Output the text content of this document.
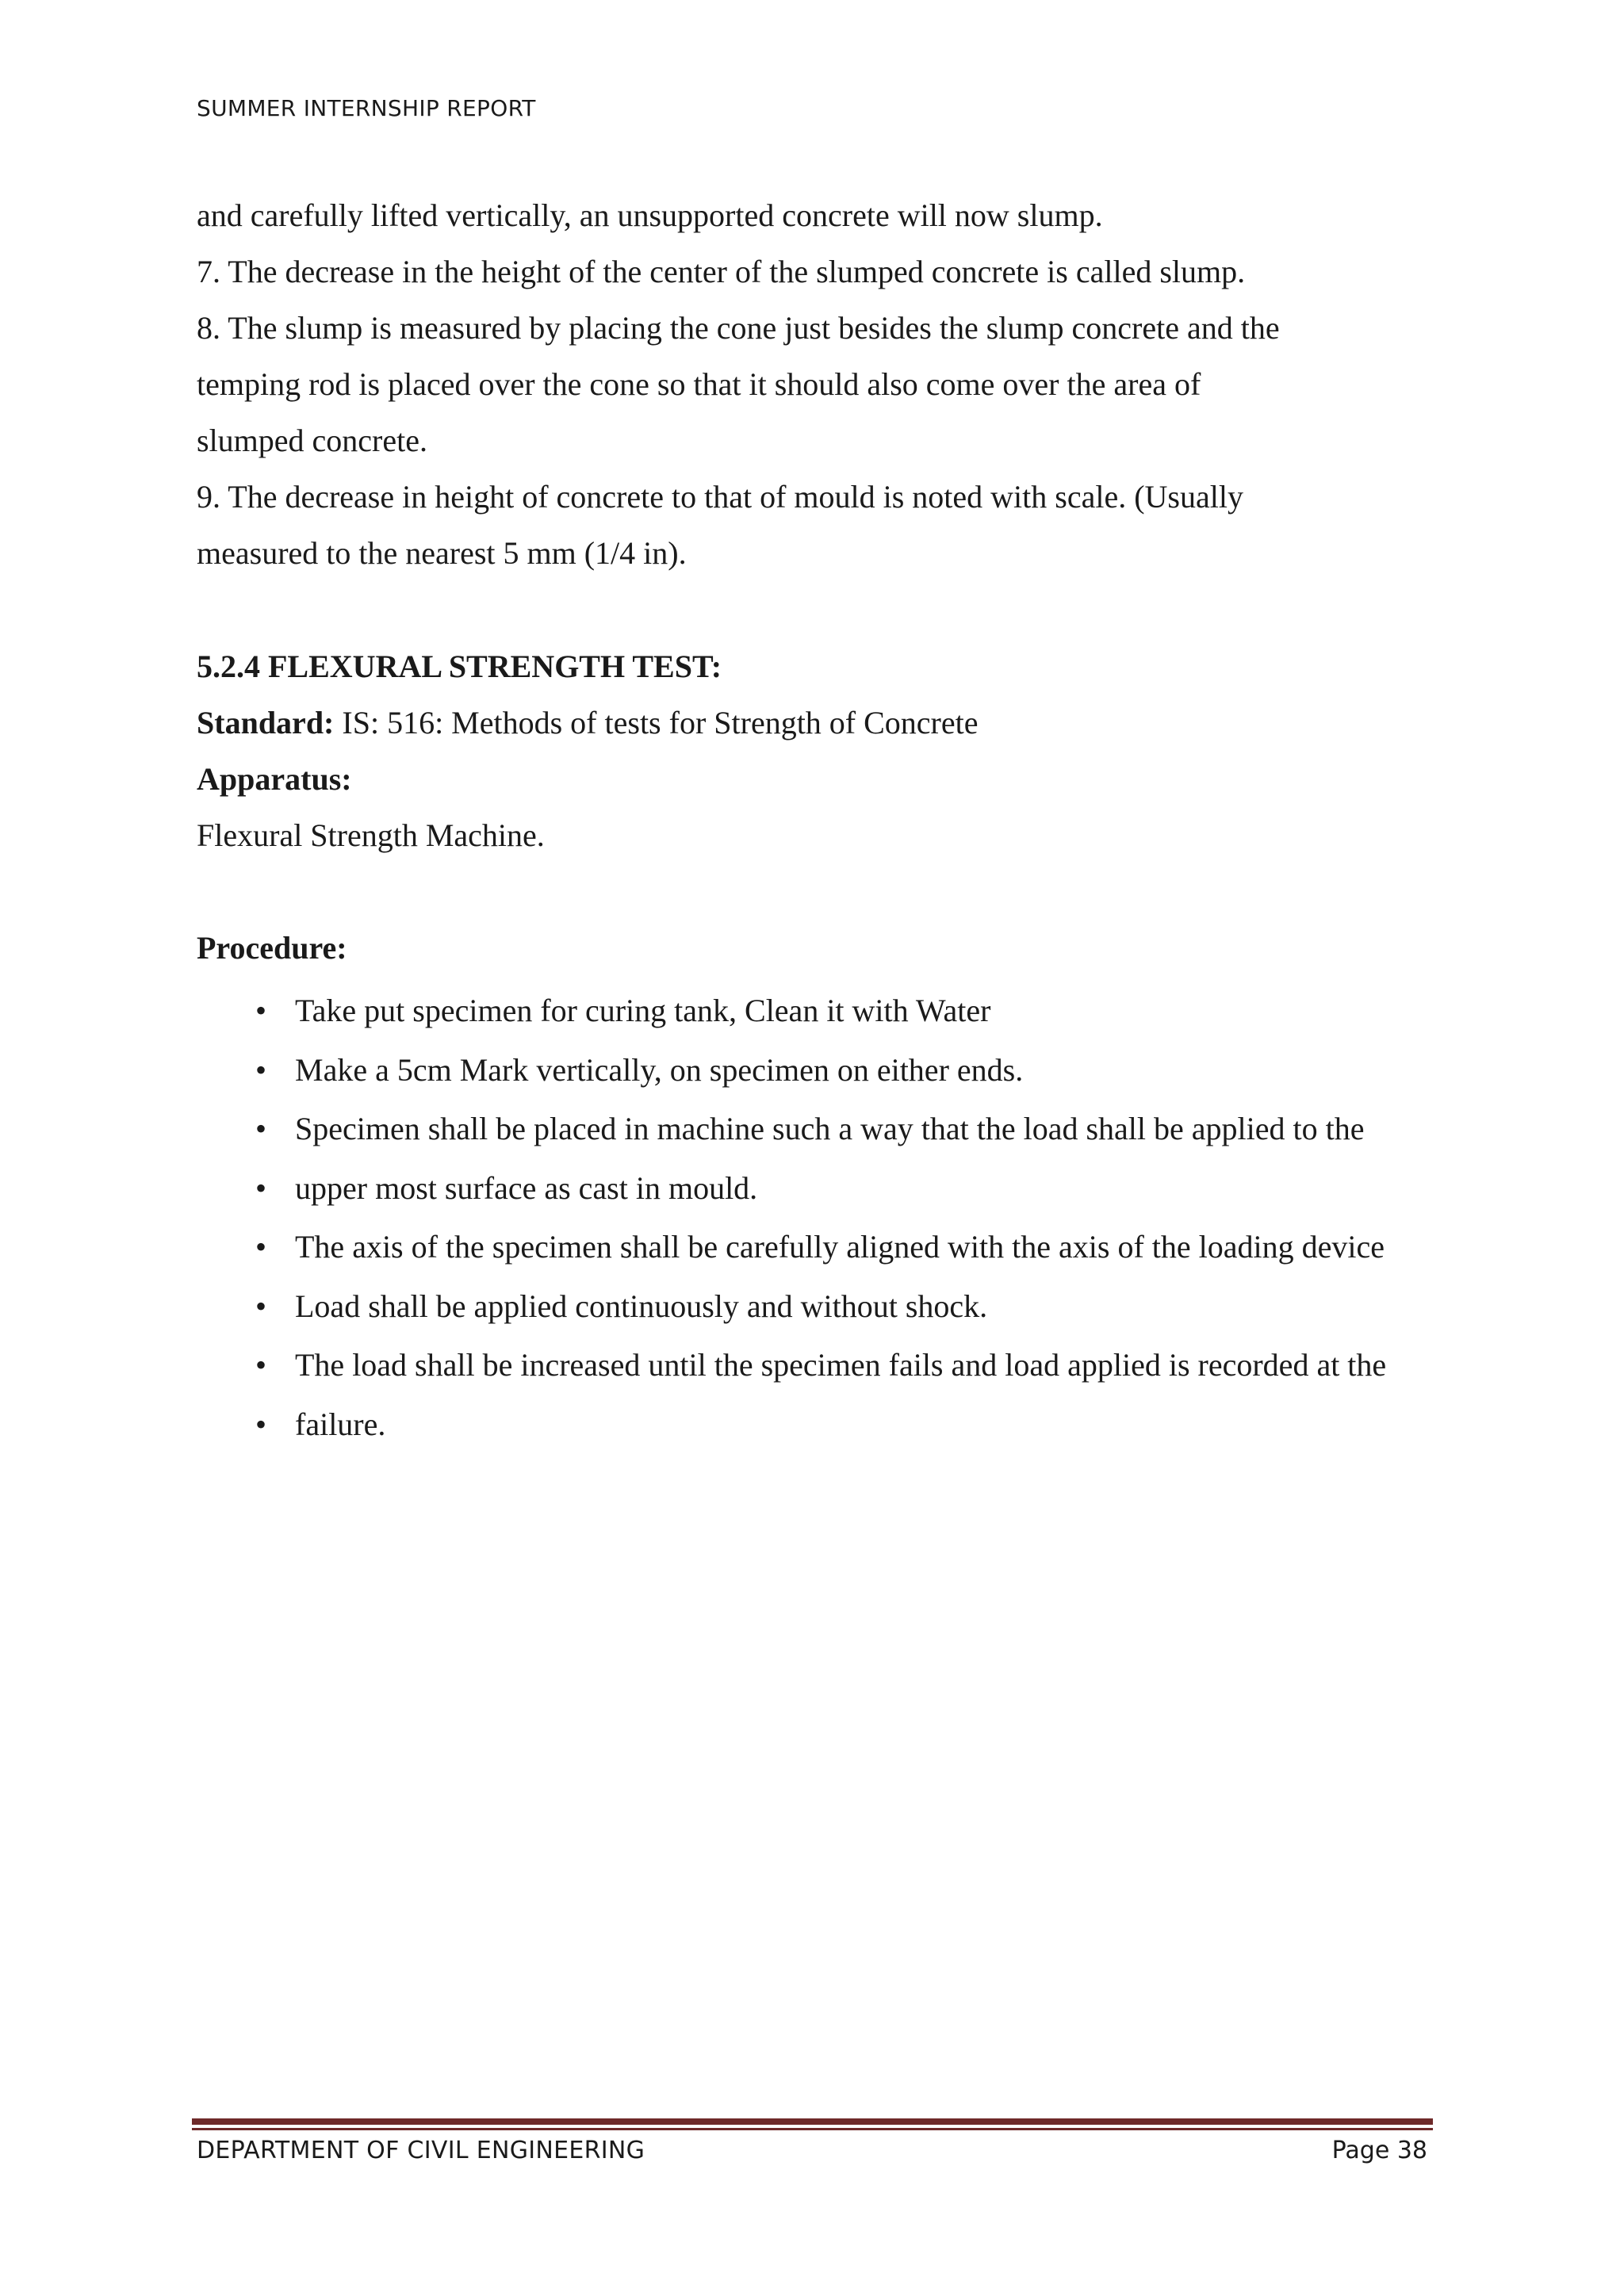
SUMMER INTERNSHIP REPORT
and carefully lifted vertically, an unsupported concrete will now slump.
7. The decrease in the height of the center of the slumped concrete is called slump.
8. The slump is measured by placing the cone just besides the slump concrete and the
temping rod is placed over the cone so that it should also come over the area of
slumped concrete.
9. The decrease in height of concrete to that of mould is noted with scale. (Usually
measured to the nearest 5 mm (1/4 in).
5.2.4 FLEXURAL STRENGTH TEST:
Standard: IS: 516: Methods of tests for Strength of Concrete
Apparatus:
Flexural Strength Machine.
Procedure:
• Take put specimen for curing tank, Clean it with Water
• Make a 5cm Mark vertically, on specimen on either ends.
• Specimen shall be placed in machine such a way that the load shall be applied to the
• upper most surface as cast in mould.
• The axis of the specimen shall be carefully aligned with the axis of the loading device
• Load shall be applied continuously and without shock.
• The load shall be increased until the specimen fails and load applied is recorded at the
• failure.
DEPARTMENT OF CIVIL ENGINEERING	Page 38
